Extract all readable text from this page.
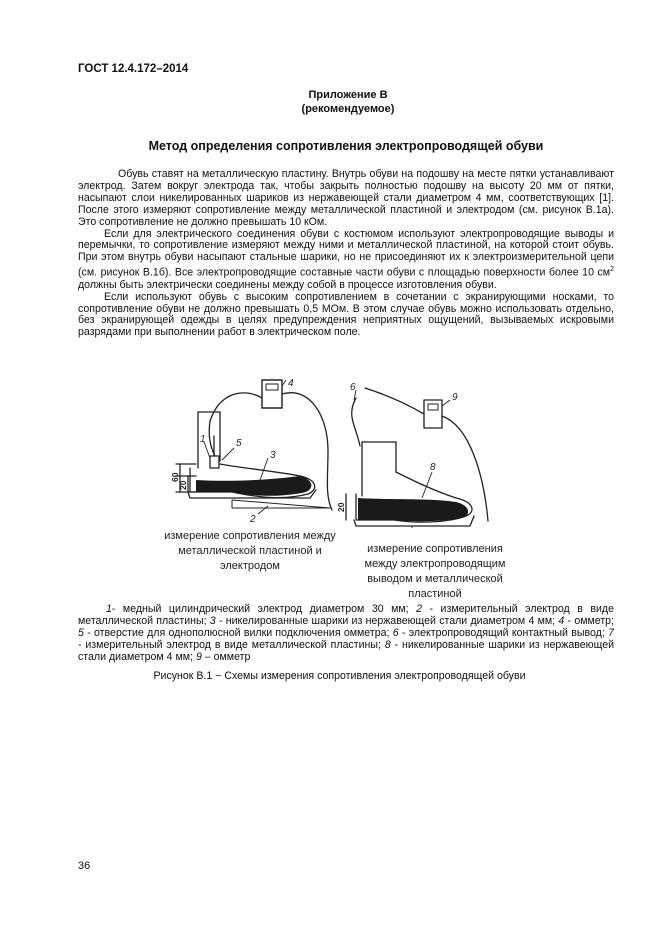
ГОСТ 12.4.172–2014
Приложение В
(рекомендуемое)
Метод определения сопротивления электропроводящей обуви

Обувь ставят на металлическую пластину. Внутрь обуви на подошву на месте пятки устанавливают электрод. Затем вокруг электрода так, чтобы закрыть полностью подошву на высоту 20 мм от пятки, насыпают слои никелированных шариков из нержавеющей стали диаметром 4 мм, соответствующих [1]. После этого измеряют сопротивление между металлической пластиной и электродом (см. рисунок В.1а). Это сопротивление не должно превышать 10 кОм.

Если для электрического соединения обуви с костюмом используют электропроводящие выводы и перемычки, то сопротивление измеряют между ними и металлической пластиной, на которой стоит обувь. При этом внутрь обуви насыпают стальные шарики, но не присоединяют их к электроизмерительной цепи (см. рисунок В.1б). Все электропроводящие составные части обуви с площадью поверхности более 10 $см^2$ должны быть электрически соединены между собой в процессе изготовления обуви.

Если используют обувь с высоким сопротивлением в сочетании с экранирующими носками, то сопротивление обуви не должно превышать 0,5 МОм. В этом случае обувь можно использовать отдельно, без экранирующей одежды в целях предупреждения неприятных ощущений, вызываемых искровыми разрядами при выполнении работ в электрическом поле.

1	5
3
4
2
6
9
8
60
20
20
измерение сопротивления между металлической пластиной и электродом
измерение сопротивления между электропроводящим выводом и металлической пластиной
1- медный цилиндрический электрод диаметром 30 мм; 2 - измерительный электрод в виде металлической пластины; 3 - никелированные шарики из нержавеющей стали диаметром 4 мм; 4 - омметр; 5 - отверстие для однополюсной вилки подключения омметра; 6 - электропроводящий контактный вывод; 7 - измерительный электрод в виде металлической пластины; 8 - никелированные шарики из нержавеющей стали диаметром 4 мм; 9 – омметр
Рисунок В.1 − Схемы измерения сопротивления электропроводящей обуви
36
